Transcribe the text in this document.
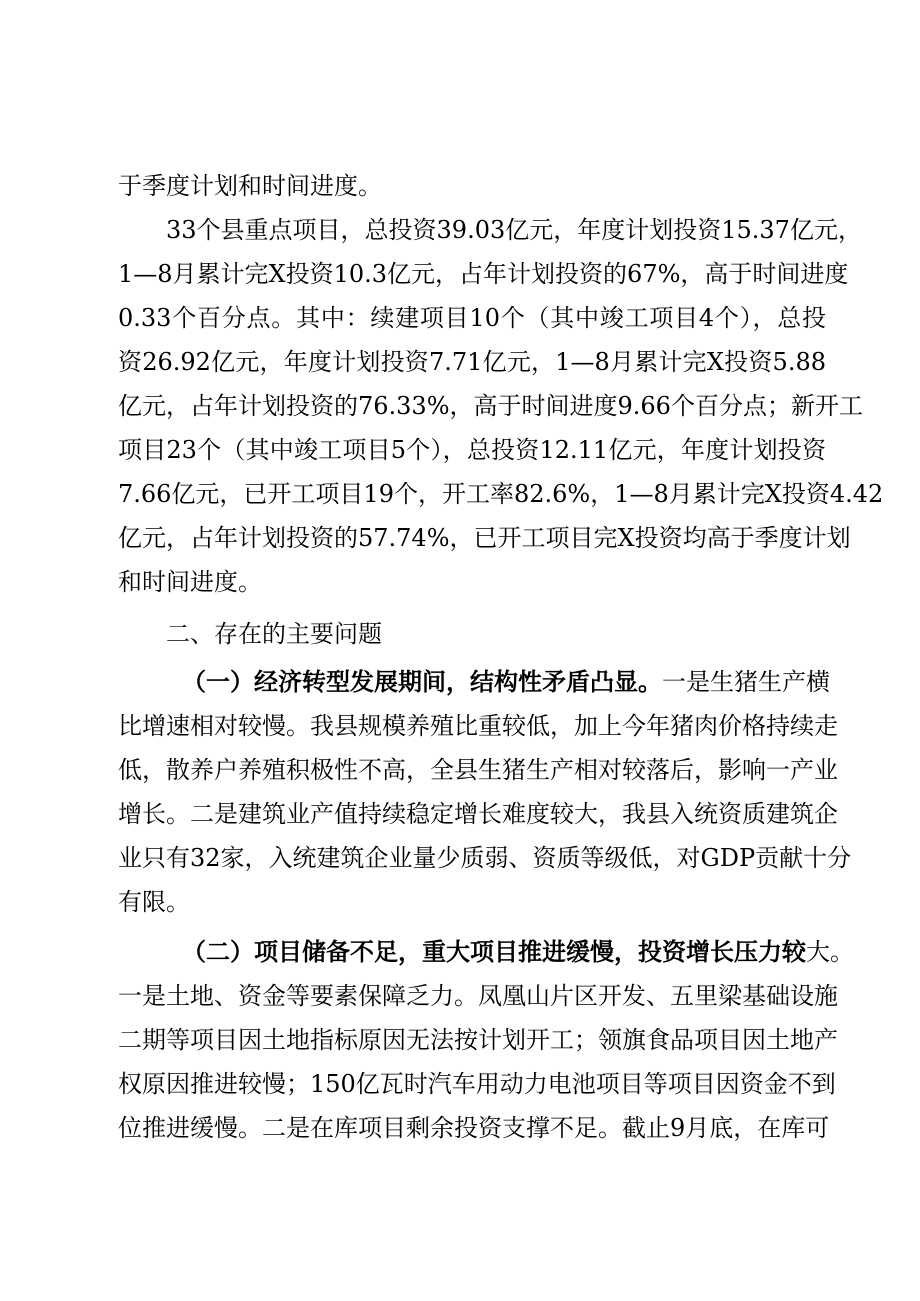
于季度计划和时间进度。
33个县重点项目，总投资39.03亿元，年度计划投资15.37亿元，
1—8月累计完X投资10.3亿元，占年计划投资的67%，高于时间进度
0.33个百分点。其中：续建项目10个（其中竣工项目4个），总投
资26.92亿元，年度计划投资7.71亿元，1—8月累计完X投资5.88
亿元，占年计划投资的76.33%，高于时间进度9.66个百分点；新开工
项目23个（其中竣工项目5个），总投资12.11亿元，年度计划投资
7.66亿元，已开工项目19个，开工率82.6%，1—8月累计完X投资4.42
亿元，占年计划投资的57.74%，已开工项目完X投资均高于季度计划
和时间进度。
二、存在的主要问题
（一）经济转型发展期间，结构性矛盾凸显。一是生猪生产横
比增速相对较慢。我县规模养殖比重较低，加上今年猪肉价格持续走
低，散养户养殖积极性不高，全县生猪生产相对较落后，影响一产业
增长。二是建筑业产值持续稳定增长难度较大，我县入统资质建筑企
业只有32家，入统建筑企业量少质弱、资质等级低，对GDP贡献十分
有限。
（二）项目储备不足，重大项目推进缓慢，投资增长压力较大。
一是土地、资金等要素保障乏力。凤凰山片区开发、五里梁基础设施
二期等项目因土地指标原因无法按计划开工；领旗食品项目因土地产
权原因推进较慢；150亿瓦时汽车用动力电池项目等项目因资金不到
位推进缓慢。二是在库项目剩余投资支撑不足。截止9月底，在库可
